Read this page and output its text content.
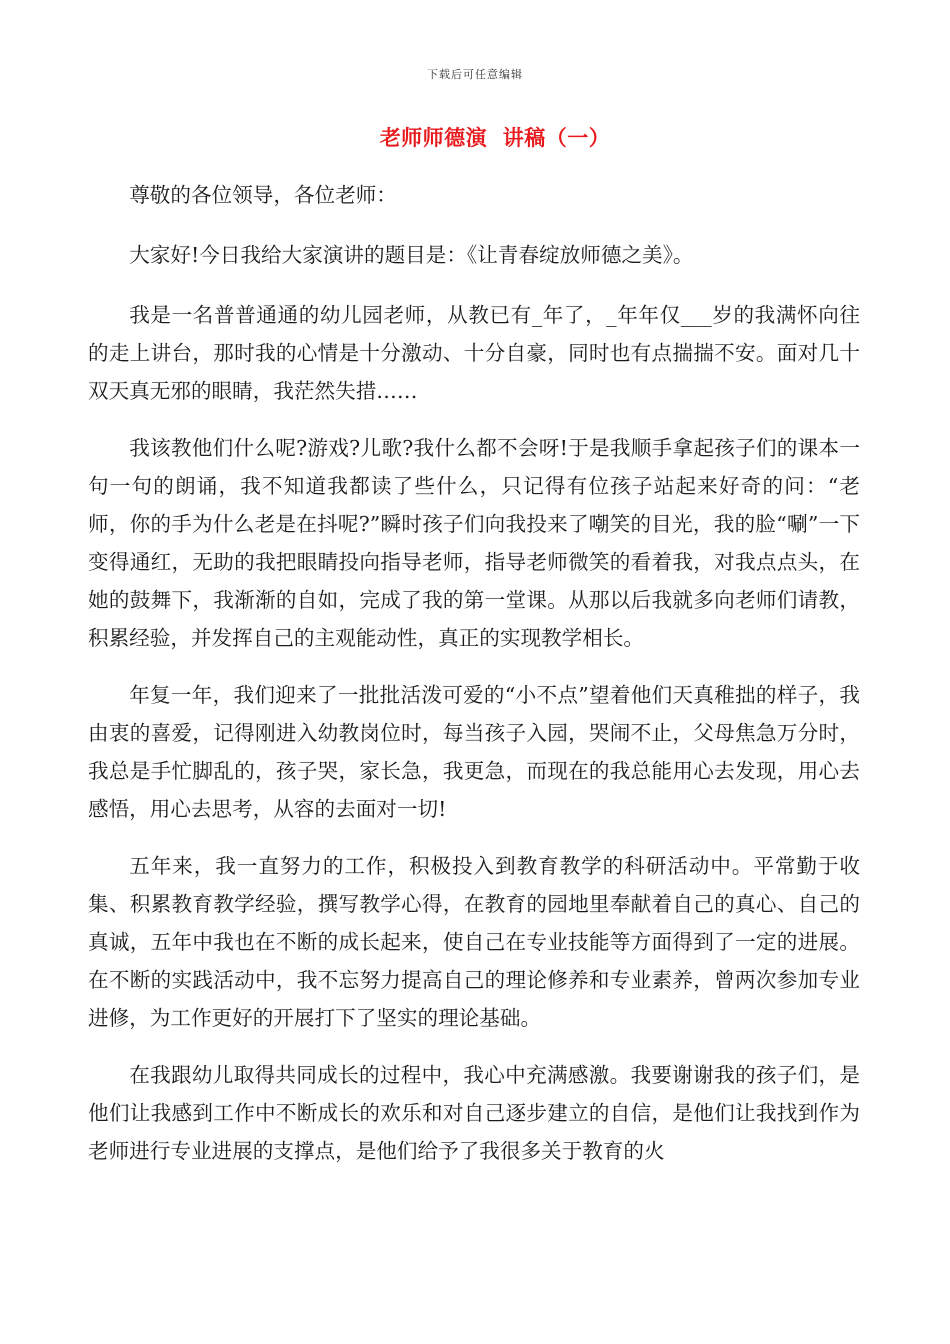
下载后可任意编辑
老师师德演  讲稿（一）

尊敬的各位领导，各位老师：

大家好!今日我给大家演讲的题目是：《让青春绽放师德之美》。

我是一名普普通通的幼儿园老师，从教已有_年了，_年年仅___岁的我满怀向往的走上讲台，那时我的心情是十分激动、十分自豪，同时也有点揣揣不安。面对几十双天真无邪的眼睛，我茫然失措……

我该教他们什么呢?游戏?儿歌?我什么都不会呀!于是我顺手拿起孩子们的课本一句一句的朗诵，我不知道我都读了些什么，只记得有位孩子站起来好奇的问：“老师，你的手为什么老是在抖呢?”瞬时孩子们向我投来了嘲笑的目光，我的脸“唰”一下变得通红，无助的我把眼睛投向指导老师，指导老师微笑的看着我，对我点点头，在她的鼓舞下，我渐渐的自如，完成了我的第一堂课。从那以后我就多向老师们请教，积累经验，并发挥自己的主观能动性，真正的实现教学相长。

年复一年，我们迎来了一批批活泼可爱的“小不点”望着他们天真稚拙的样子，我由衷的喜爱，记得刚进入幼教岗位时，每当孩子入园，哭闹不止，父母焦急万分时，我总是手忙脚乱的，孩子哭，家长急，我更急，而现在的我总能用心去发现，用心去感悟，用心去思考，从容的去面对一切!

五年来，我一直努力的工作，积极投入到教育教学的科研活动中。平常勤于收集、积累教育教学经验，撰写教学心得，在教育的园地里奉献着自己的真心、自己的真诚，五年中我也在不断的成长起来，使自己在专业技能等方面得到了一定的进展。在不断的实践活动中，我不忘努力提高自己的理论修养和专业素养，曾两次参加专业进修，为工作更好的开展打下了坚实的理论基础。

在我跟幼儿取得共同成长的过程中，我心中充满感激。我要谢谢我的孩子们，是他们让我感到工作中不断成长的欢乐和对自己逐步建立的自信，是他们让我找到作为老师进行专业进展的支撑点，是他们给予了我很多关于教育的火
